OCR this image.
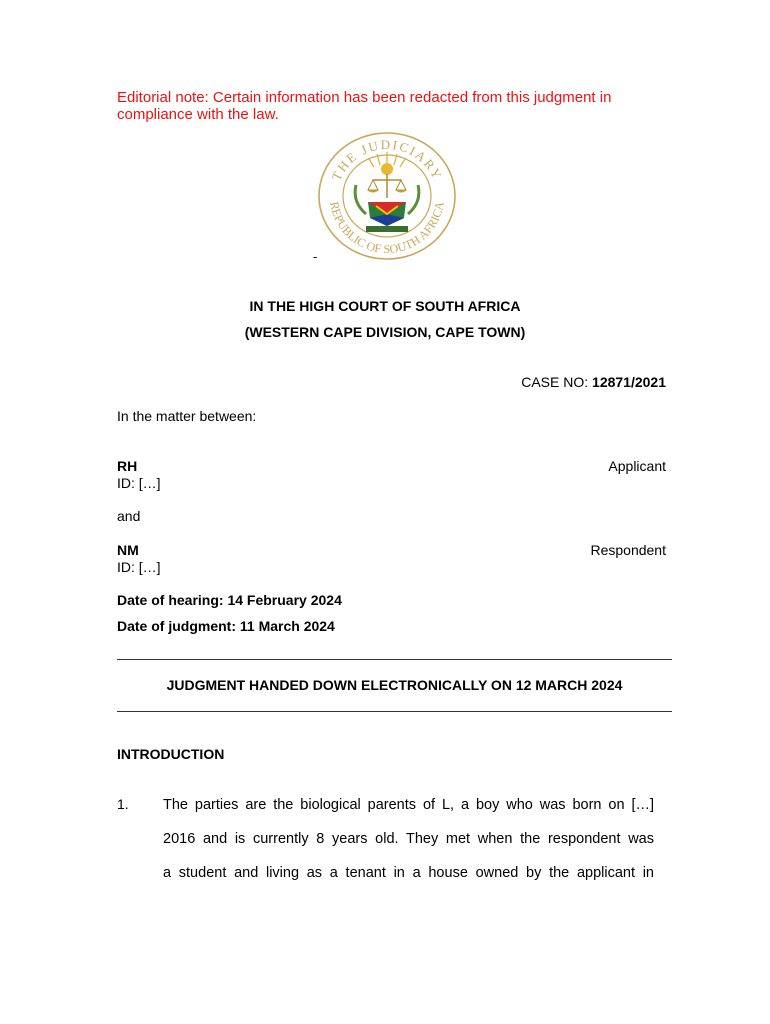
Editorial note: Certain information has been redacted from this judgment in compliance with the law.
THE JUDICIARY
REPUBLIC OF SOUTH AFRICA
-
IN THE HIGH COURT OF SOUTH AFRICA
(WESTERN CAPE DIVISION, CAPE TOWN)
CASE NO: 12871/2021
In the matter between:
RH
ID: […]
Applicant
and
NM
ID: […]
Respondent
Date of hearing: 14 February 2024
Date of judgment: 11 March 2024
JUDGMENT HANDED DOWN ELECTRONICALLY ON 12 MARCH 2024
INTRODUCTION
1. The parties are the biological parents of L, a boy who was born on […]
2016 and is currently 8 years old. They met when the respondent was
a student and living as a tenant in a house owned by the applicant in
